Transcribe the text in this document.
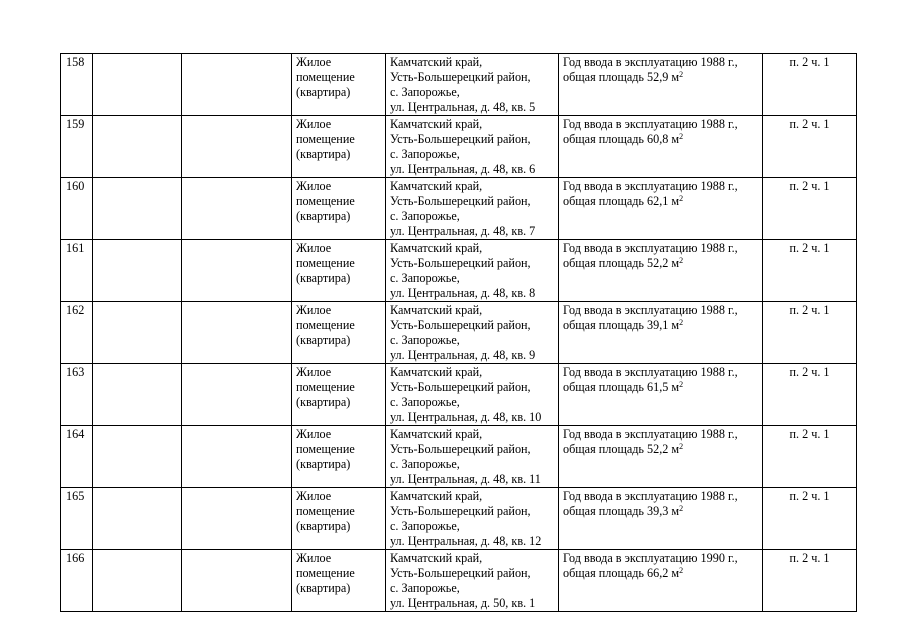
158			Жилое
помещение
(квартира)	Камчатский край,
Усть-Большерецкий район,
с. Запорожье,
ул. Центральная, д. 48, кв. 5	Год ввода в эксплуатацию 1988 г.,
общая площадь 52,9 $м^2$	п. 2 ч. 1
159			Жилое
помещение
(квартира)	Камчатский край,
Усть-Большерецкий район,
с. Запорожье,
ул. Центральная, д. 48, кв. 6	Год ввода в эксплуатацию 1988 г.,
общая площадь 60,8 $м^2$	п. 2 ч. 1
160			Жилое
помещение
(квартира)	Камчатский край,
Усть-Большерецкий район,
с. Запорожье,
ул. Центральная, д. 48, кв. 7	Год ввода в эксплуатацию 1988 г.,
общая площадь 62,1 $м^2$	п. 2 ч. 1
161			Жилое
помещение
(квартира)	Камчатский край,
Усть-Большерецкий район,
с. Запорожье,
ул. Центральная, д. 48, кв. 8	Год ввода в эксплуатацию 1988 г.,
общая площадь 52,2 $м^2$	п. 2 ч. 1
162			Жилое
помещение
(квартира)	Камчатский край,
Усть-Большерецкий район,
с. Запорожье,
ул. Центральная, д. 48, кв. 9	Год ввода в эксплуатацию 1988 г.,
общая площадь 39,1 $м^2$	п. 2 ч. 1
163			Жилое
помещение
(квартира)	Камчатский край,
Усть-Большерецкий район,
с. Запорожье,
ул. Центральная, д. 48, кв. 10	Год ввода в эксплуатацию 1988 г.,
общая площадь 61,5 $м^2$	п. 2 ч. 1
164			Жилое
помещение
(квартира)	Камчатский край,
Усть-Большерецкий район,
с. Запорожье,
ул. Центральная, д. 48, кв. 11	Год ввода в эксплуатацию 1988 г.,
общая площадь 52,2 $м^2$	п. 2 ч. 1
165			Жилое
помещение
(квартира)	Камчатский край,
Усть-Большерецкий район,
с. Запорожье,
ул. Центральная, д. 48, кв. 12	Год ввода в эксплуатацию 1988 г.,
общая площадь 39,3 $м^2$	п. 2 ч. 1
166			Жилое
помещение
(квартира)	Камчатский край,
Усть-Большерецкий район,
с. Запорожье,
ул. Центральная, д. 50, кв. 1	Год ввода в эксплуатацию 1990 г.,
общая площадь 66,2 $м^2$	п. 2 ч. 1
